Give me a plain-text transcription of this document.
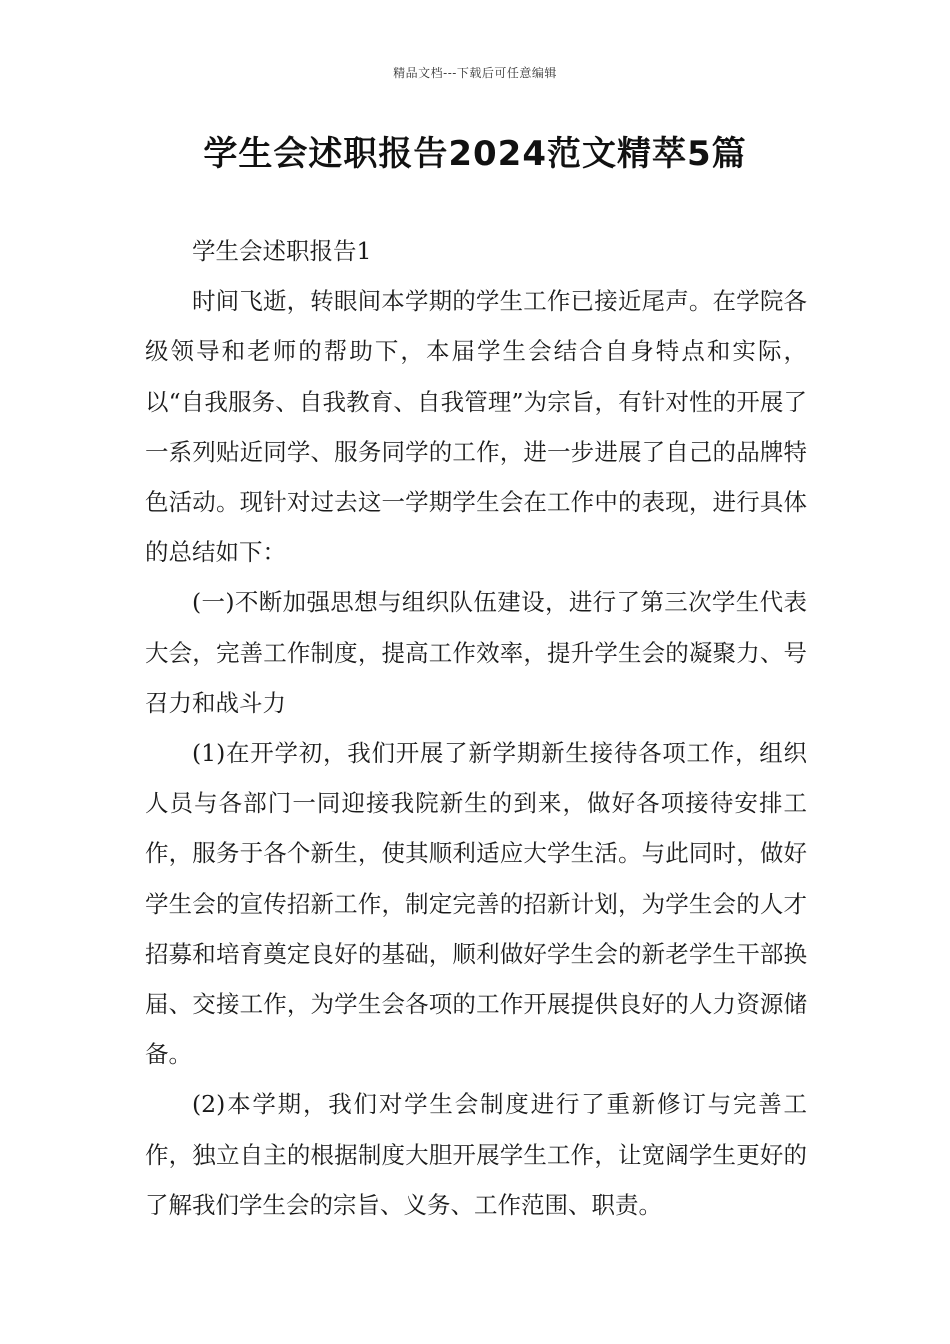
精品文档---下载后可任意编辑
学生会述职报告2024范文精萃5篇

学生会述职报告1

时间飞逝，转眼间本学期的学生工作已接近尾声。在学院各级领导和老师的帮助下，本届学生会结合自身特点和实际，以“自我服务、自我教育、自我管理”为宗旨，有针对性的开展了一系列贴近同学、服务同学的工作，进一步进展了自己的品牌特色活动。现针对过去这一学期学生会在工作中的表现，进行具体的总结如下：

(一)不断加强思想与组织队伍建设，进行了第三次学生代表大会，完善工作制度，提高工作效率，提升学生会的凝聚力、号召力和战斗力

(1)在开学初，我们开展了新学期新生接待各项工作，组织人员与各部门一同迎接我院新生的到来，做好各项接待安排工作，服务于各个新生，使其顺利适应大学生活。与此同时，做好学生会的宣传招新工作，制定完善的招新计划，为学生会的人才招募和培育奠定良好的基础，顺利做好学生会的新老学生干部换届、交接工作，为学生会各项的工作开展提供良好的人力资源储备。

(2)本学期，我们对学生会制度进行了重新修订与完善工作，独立自主的根据制度大胆开展学生工作，让宽阔学生更好的了解我们学生会的宗旨、义务、工作范围、职责。
